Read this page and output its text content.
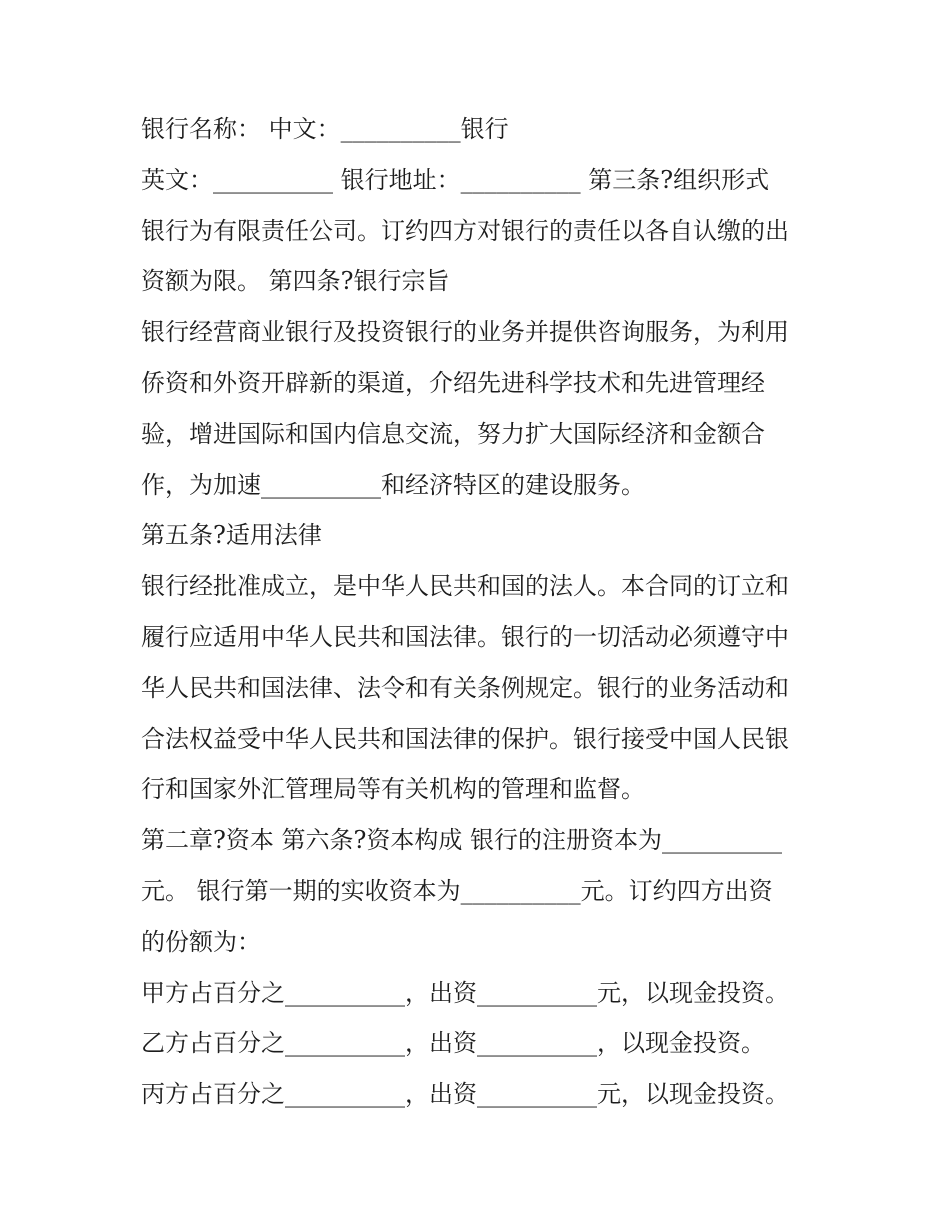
银行名称： 中文：__________银行
英文：__________ 银行地址：__________ 第三条?组织形式
银行为有限责任公司。订约四方对银行的责任以各自认缴的出
资额为限。 第四条?银行宗旨
银行经营商业银行及投资银行的业务并提供咨询服务，为利用
侨资和外资开辟新的渠道，介绍先进科学技术和先进管理经
验，增进国际和国内信息交流，努力扩大国际经济和金额合
作，为加速__________和经济特区的建设服务。
第五条?适用法律
银行经批准成立，是中华人民共和国的法人。本合同的订立和
履行应适用中华人民共和国法律。银行的一切活动必须遵守中
华人民共和国法律、法令和有关条例规定。银行的业务活动和
合法权益受中华人民共和国法律的保护。银行接受中国人民银
行和国家外汇管理局等有关机构的管理和监督。
第二章?资本 第六条?资本构成 银行的注册资本为__________
元。 银行第一期的实收资本为__________元。订约四方出资
的份额为：
甲方占百分之__________，出资__________元，以现金投资。
乙方占百分之__________，出资__________，以现金投资。
丙方占百分之__________，出资__________元，以现金投资。
